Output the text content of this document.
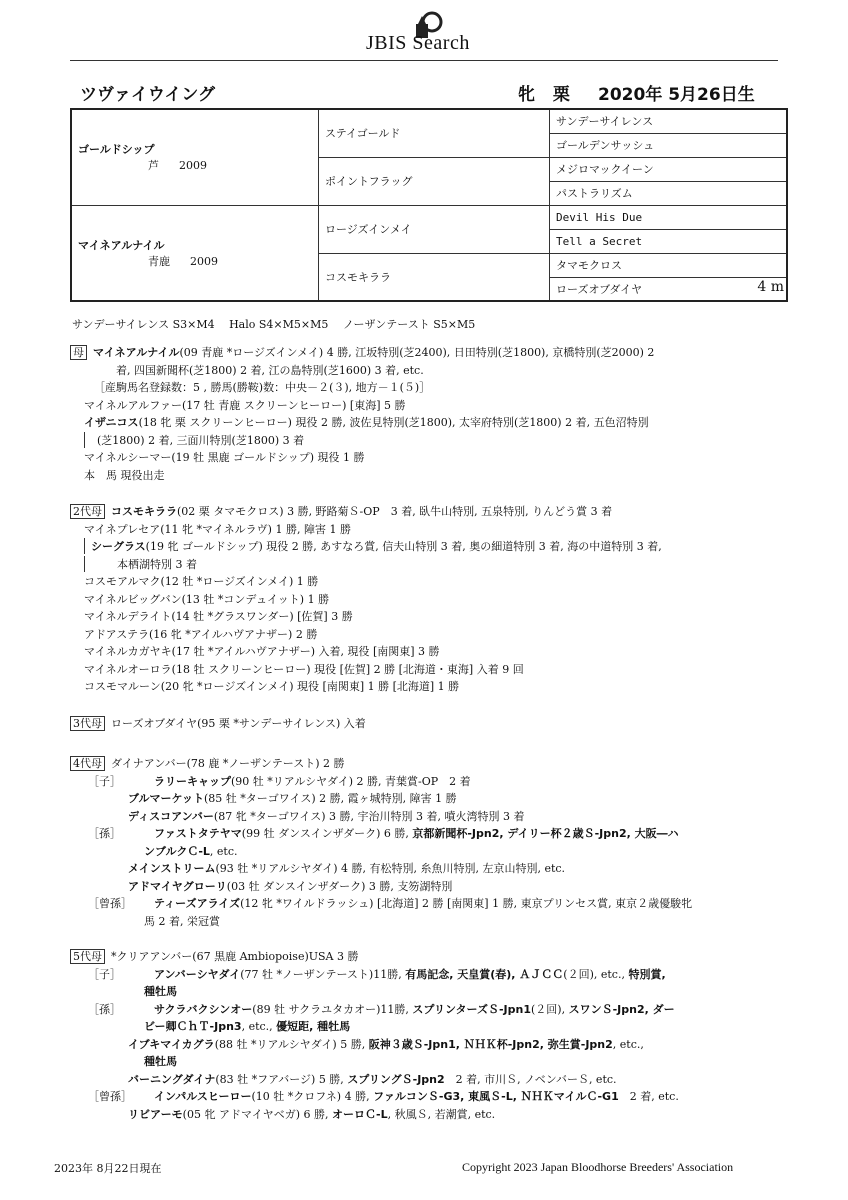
JBIS Search
ツヴァイウイング	牝 栗 2020年 5月26日生
ゴールドシップ
芦 2009	ステイゴールド	サンデーサイレンス
		ゴールデンサッシュ
	ポイントフラッグ	メジロマックイーン
		パストラリズム

マイネアルナイル
青鹿 2009	ロージズインメイ	Devil His Due
		Tell a Secret
	コスモキララ	タマモクロス
		ローズオブダイヤ 4 m
サンデーサイレンス S3×M4　 Halo S4×M5×M5　 ノーザンテースト S5×M5
母 マイネアルナイル(09 青鹿 *ロージズインメイ) 4 勝, 江坂特別(芝2400), 日田特別(芝1800), 京橋特別(芝2000) 2
着, 四国新聞杯(芝1800) 2 着, 江の島特別(芝1600) 3 着, etc.
［産駒馬名登録数：5 , 勝馬(勝鞍)数：中央－２(３), 地方－１(５)］
マイネルアルファー(17 牡 青鹿 スクリーンヒーロー) [東海] 5 勝
イザニコス(18 牝 栗 スクリーンヒーロー) 現役 2 勝, 波佐見特別(芝1800), 太宰府特別(芝1800) 2 着, 五色沼特別
(芝1800) 2 着, 三面川特別(芝1800) 3 着
マイネルシーマー(19 牡 黒鹿 ゴールドシップ) 現役 1 勝
本　馬 現役出走
2代母 コスモキララ(02 栗 タマモクロス) 3 勝, 野路菊Ｓ-OP　3 着, 臥牛山特別, 五泉特別, りんどう賞 3 着
マイネプレセア(11 牝 *マイネルラヴ) 1 勝, 障害 1 勝
シーグラス(19 牝 ゴールドシップ) 現役 2 勝, あすなろ賞, 信夫山特別 3 着, 奥の細道特別 3 着, 海の中道特別 3 着,
本栖湖特別 3 着
コスモアルマク(12 牡 *ロージズインメイ) 1 勝
マイネルビッグバン(13 牡 *コンデュイット) 1 勝
マイネルデライト(14 牡 *グラスワンダー) [佐賀] 3 勝
アドアステラ(16 牝 *アイルハヴアナザー) 2 勝
マイネルカガヤキ(17 牡 *アイルハヴアナザー) 入着, 現役 [南関東] 3 勝
マイネルオーロラ(18 牡 スクリーンヒーロー) 現役 [佐賀] 2 勝 [北海道・東海] 入着 9 回
コスモマルーン(20 牝 *ロージズインメイ) 現役 [南関東] 1 勝 [北海道] 1 勝
3代母 ローズオブダイヤ(95 栗 *サンデーサイレンス) 入着
4代母 ダイナアンバー(78 鹿 *ノーザンテースト) 2 勝
［子］	ラリーキャップ(90 牡 *リアルシヤダイ) 2 勝, 青葉賞-OP　2 着
ブルマーケット(85 牡 *ターゴワイス) 2 勝, 霞ヶ城特別, 障害 1 勝
ディスコアンバー(87 牝 *ターゴワイス) 3 勝, 宇治川特別 3 着, 噴火湾特別 3 着
［孫］	ファストタテヤマ(99 牡 ダンスインザダーク) 6 勝, 京都新聞杯-Jpn2, デイリー杯２歳Ｓ-Jpn2, 大阪―ハ
ンブルクＣ-L, etc.
メインストリーム(93 牡 *リアルシヤダイ) 4 勝, 有松特別, 糸魚川特別, 左京山特別, etc.
アドマイヤグローリ(03 牡 ダンスインザダーク) 3 勝, 支笏湖特別
［曾孫］ ティーズアライズ(12 牝 *ワイルドラッシュ) [北海道] 2 勝 [南関東] 1 勝, 東京プリンセス賞, 東京２歳優駿牝
馬 2 着, 栄冠賞
5代母 *クリアアンバー(67 黒鹿 Ambiopoise)USA 3 勝
［子］	アンバーシヤダイ(77 牡 *ノーザンテースト)11勝, 有馬記念, 天皇賞(春), ＡＪＣＣ(２回), etc., 特別賞,
種牡馬
［孫］	サクラバクシンオー(89 牡 サクラユタカオー)11勝, スプリンターズＳ-Jpn1(２回), スワンＳ-Jpn2, ダー
ビー卿ＣｈＴ-Jpn3, etc., 優短距, 種牡馬
イブキマイカグラ(88 牡 *リアルシヤダイ) 5 勝, 阪神３歳Ｓ-Jpn1, ＮＨＫ杯-Jpn2, 弥生賞-Jpn2, etc.,
種牡馬
バーニングダイナ(83 牡 *フアバージ) 5 勝, スプリングＳ-Jpn2　2 着, 市川Ｓ, ノベンバーＳ, etc.
［曾孫］ インパルスヒーロー(10 牡 *クロフネ) 4 勝, ファルコンＳ-G3, 東風Ｓ-L, ＮＨＫマイルＣ-G1　2 着, etc.
リビアーモ(05 牝 アドマイヤベガ) 6 勝, オーロＣ-L, 秋風Ｓ, 若潮賞, etc.
2023年 8月22日現在	Copyright 2023 Japan Bloodhorse Breeders' Association
